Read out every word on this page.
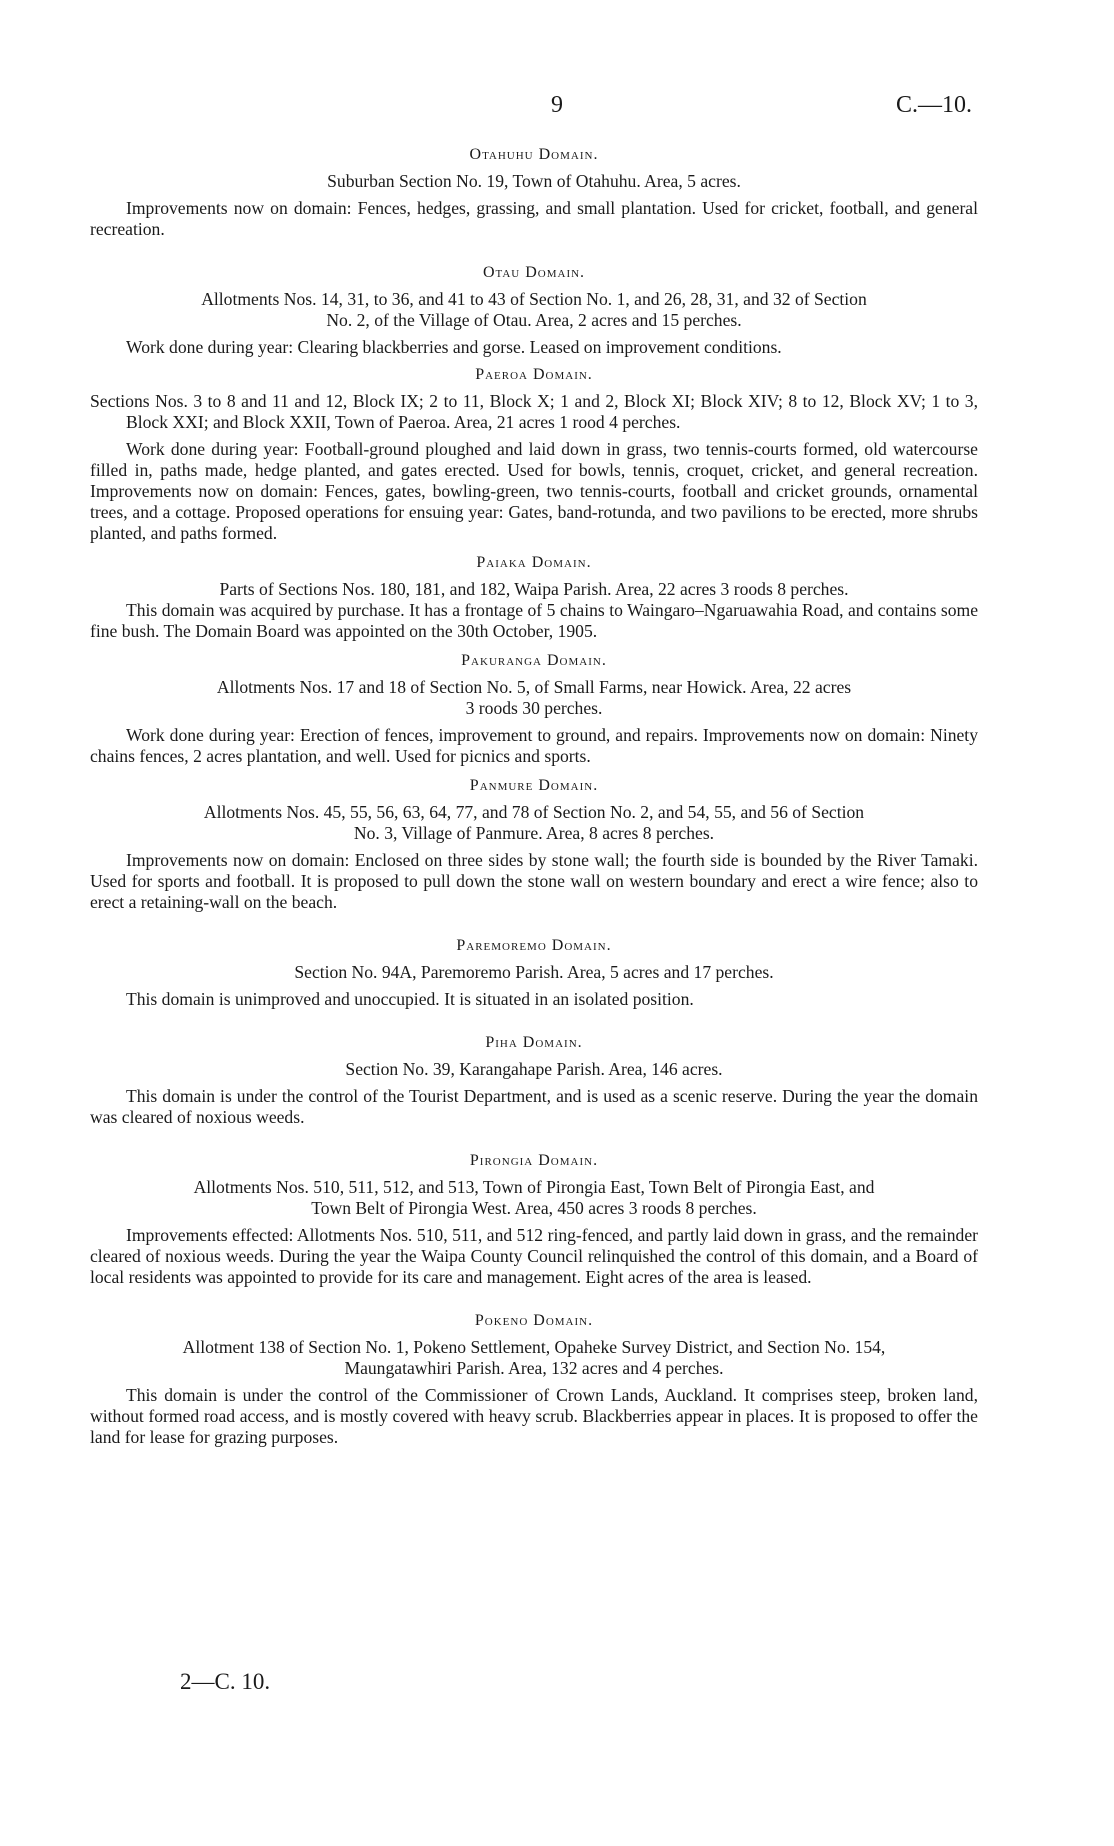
9	C.—10.
Otahuhu Domain.
Suburban Section No. 19, Town of Otahuhu. Area, 5 acres.
Improvements now on domain: Fences, hedges, grassing, and small plantation. Used for cricket, football, and general recreation.
Otau Domain.
Allotments Nos. 14, 31, to 36, and 41 to 43 of Section No. 1, and 26, 28, 31, and 32 of Section
No. 2, of the Village of Otau. Area, 2 acres and 15 perches.
Work done during year: Clearing blackberries and gorse. Leased on improvement conditions.
Paeroa Domain.
Sections Nos. 3 to 8 and 11 and 12, Block IX; 2 to 11, Block X; 1 and 2, Block XI; Block XIV; 8 to 12, Block XV; 1 to 3, Block XXI; and Block XXII, Town of Paeroa. Area, 21 acres 1 rood 4 perches.
Work done during year: Football-ground ploughed and laid down in grass, two tennis-courts formed, old watercourse filled in, paths made, hedge planted, and gates erected. Used for bowls, tennis, croquet, cricket, and general recreation. Improvements now on domain: Fences, gates, bowling-green, two tennis-courts, football and cricket grounds, ornamental trees, and a cottage. Proposed operations for ensuing year: Gates, band-rotunda, and two pavilions to be erected, more shrubs planted, and paths formed.
Paiaka Domain.
Parts of Sections Nos. 180, 181, and 182, Waipa Parish. Area, 22 acres 3 roods 8 perches.
This domain was acquired by purchase. It has a frontage of 5 chains to Waingaro–Ngaruawahia Road, and contains some fine bush. The Domain Board was appointed on the 30th October, 1905.
Pakuranga Domain.
Allotments Nos. 17 and 18 of Section No. 5, of Small Farms, near Howick. Area, 22 acres
3 roods 30 perches.
Work done during year: Erection of fences, improvement to ground, and repairs. Improvements now on domain: Ninety chains fences, 2 acres plantation, and well. Used for picnics and sports.
Panmure Domain.
Allotments Nos. 45, 55, 56, 63, 64, 77, and 78 of Section No. 2, and 54, 55, and 56 of Section
No. 3, Village of Panmure. Area, 8 acres 8 perches.
Improvements now on domain: Enclosed on three sides by stone wall; the fourth side is bounded by the River Tamaki. Used for sports and football. It is proposed to pull down the stone wall on western boundary and erect a wire fence; also to erect a retaining-wall on the beach.
Paremoremo Domain.
Section No. 94A, Paremoremo Parish. Area, 5 acres and 17 perches.
This domain is unimproved and unoccupied. It is situated in an isolated position.
Piha Domain.
Section No. 39, Karangahape Parish. Area, 146 acres.
This domain is under the control of the Tourist Department, and is used as a scenic reserve. During the year the domain was cleared of noxious weeds.
Pirongia Domain.
Allotments Nos. 510, 511, 512, and 513, Town of Pirongia East, Town Belt of Pirongia East, and
Town Belt of Pirongia West. Area, 450 acres 3 roods 8 perches.
Improvements effected: Allotments Nos. 510, 511, and 512 ring-fenced, and partly laid down in grass, and the remainder cleared of noxious weeds. During the year the Waipa County Council relinquished the control of this domain, and a Board of local residents was appointed to provide for its care and management. Eight acres of the area is leased.
Pokeno Domain.
Allotment 138 of Section No. 1, Pokeno Settlement, Opaheke Survey District, and Section No. 154,
Maungatawhiri Parish. Area, 132 acres and 4 perches.
This domain is under the control of the Commissioner of Crown Lands, Auckland. It comprises steep, broken land, without formed road access, and is mostly covered with heavy scrub. Blackberries appear in places. It is proposed to offer the land for lease for grazing purposes.
2—C. 10.
